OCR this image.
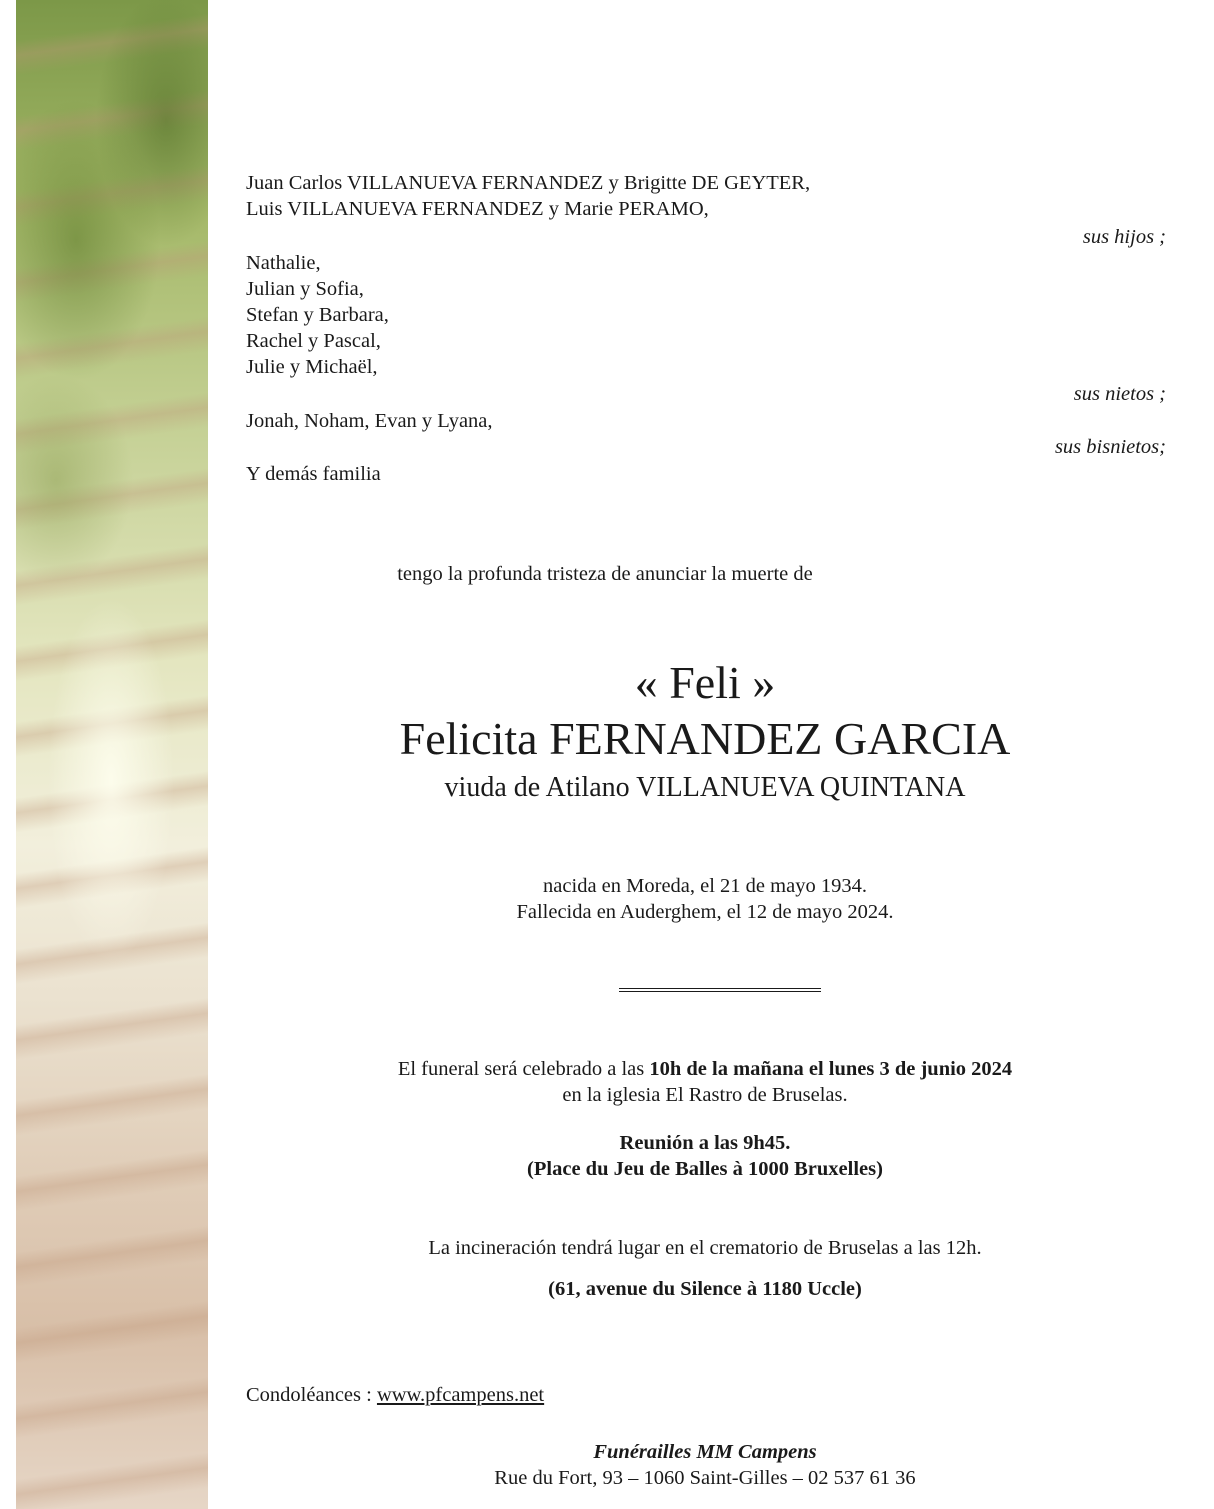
Juan Carlos VILLANUEVA FERNANDEZ y Brigitte DE GEYTER,
Luis VILLANUEVA FERNANDEZ y Marie PERAMO,
sus hijos ;
Nathalie,
Julian y Sofia,
Stefan y Barbara,
Rachel y Pascal,
Julie y Michaël,
sus nietos ;
Jonah, Noham, Evan y Lyana,
sus bisnietos;
Y demás familia
tengo la profunda tristeza de anunciar la muerte de
« Feli »
Felicita FERNANDEZ GARCIA
viuda de Atilano VILLANUEVA QUINTANA
nacida en Moreda, el 21 de mayo 1934.
Fallecida en Auderghem, el 12 de mayo 2024.
El funeral será celebrado a las 10h de la mañana el lunes 3 de junio 2024
en la iglesia El Rastro de Bruselas.
Reunión a las 9h45.
(Place du Jeu de Balles à 1000 Bruxelles)
La incineración tendrá lugar en el crematorio de Bruselas a las 12h.
(61, avenue du Silence à 1180 Uccle)
Condoléances : www.pfcampens.net
Funérailles MM Campens
Rue du Fort, 93 – 1060 Saint-Gilles – 02 537 61 36
